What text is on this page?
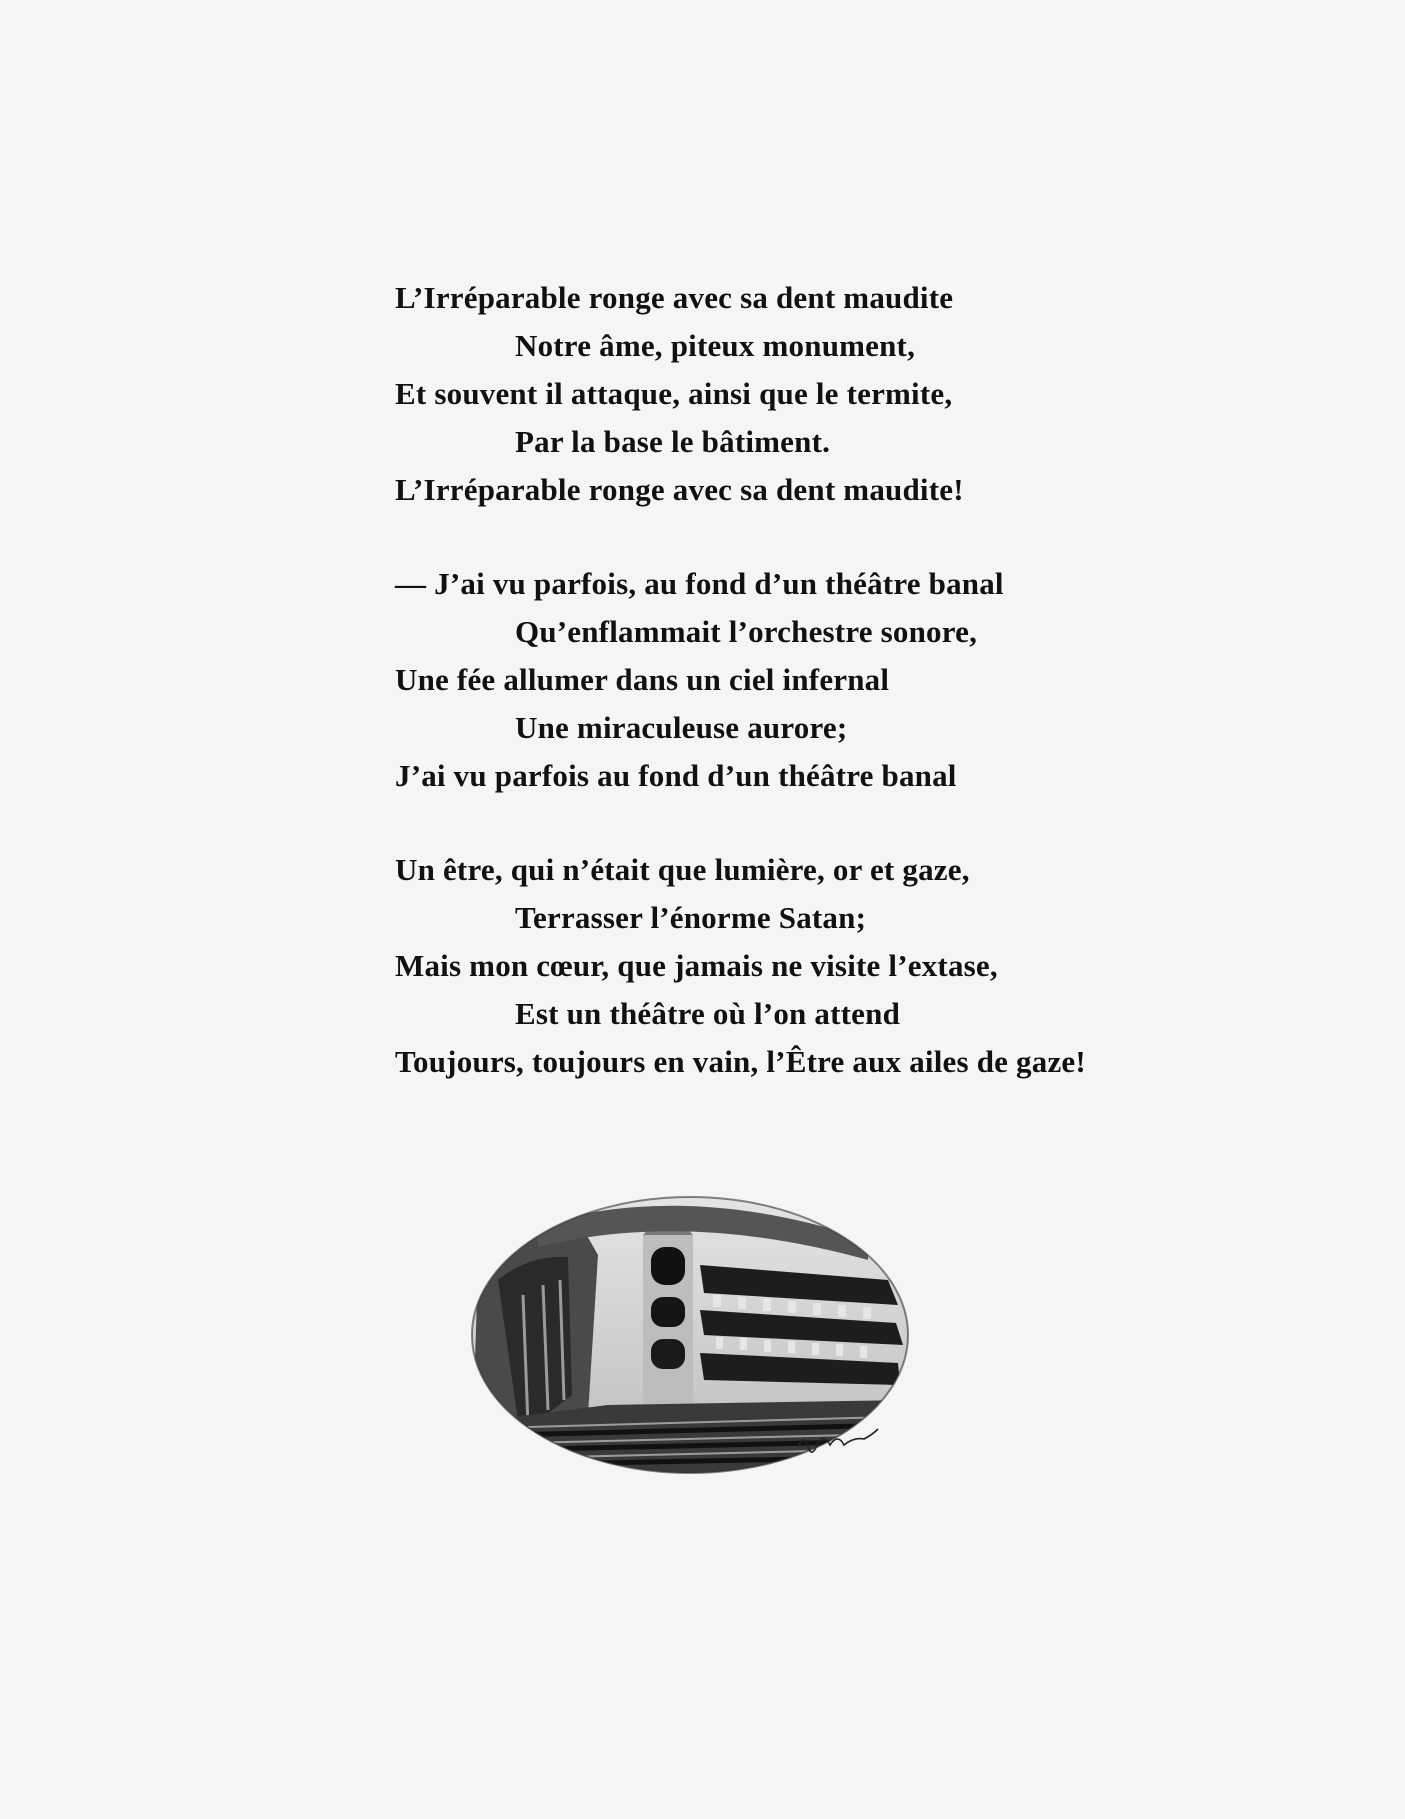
L’Irréparable ronge avec sa dent maudite
Notre âme, piteux monument,
Et souvent il attaque, ainsi que le termite,
Par la base le bâtiment.
L’Irréparable ronge avec sa dent maudite!
— J’ai vu parfois, au fond d’un théâtre banal
Qu’enflammait l’orchestre sonore,
Une fée allumer dans un ciel infernal
Une miraculeuse aurore;
J’ai vu parfois au fond d’un théâtre banal
Un être, qui n’était que lumière, or et gaze,
Terrasser l’énorme Satan;
Mais mon cœur, que jamais ne visite l’extase,
Est un théâtre où l’on attend
Toujours, toujours en vain, l’Être aux ailes de gaze!
